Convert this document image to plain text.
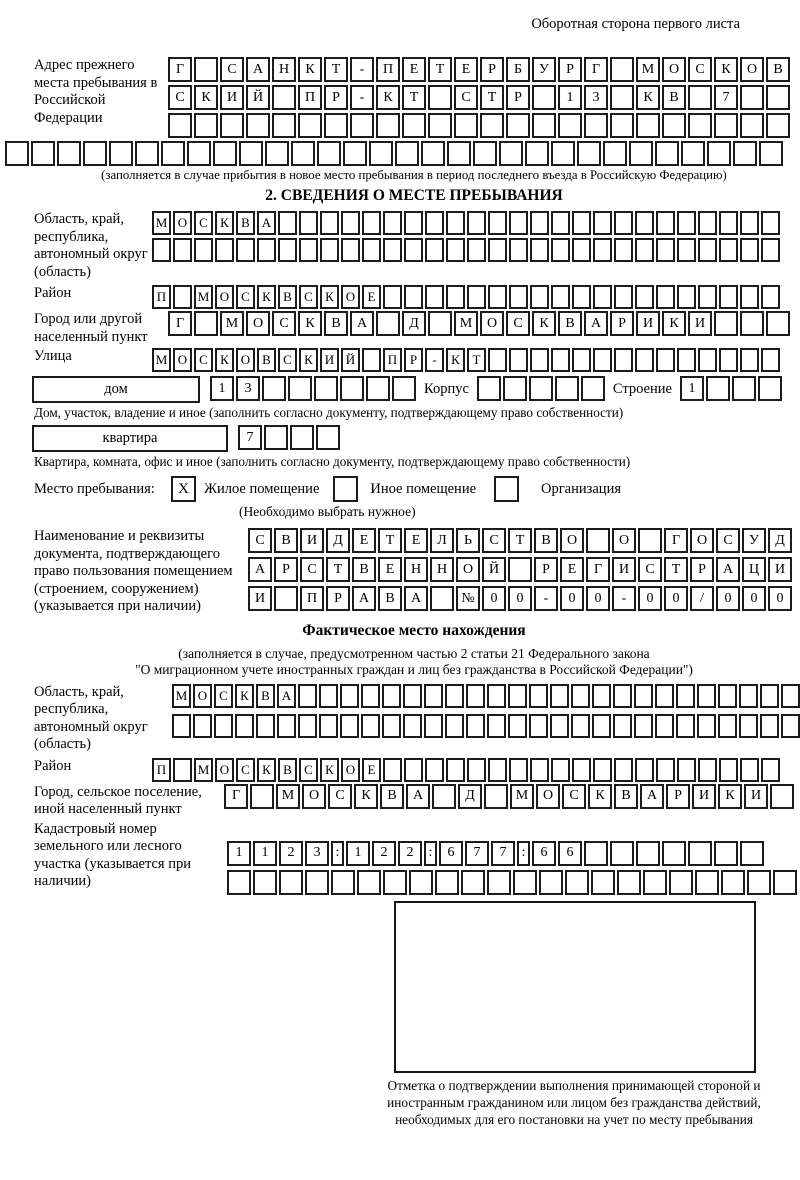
Оборотная сторона первого листа
Адрес прежнего места пребывания в Российской Федерации
Г	С	А	Н	К	Т	-	П	Е	Т	Е	Р	Б	У	Р	Г	М	О	С	К	О	В
С	К	И	Й	П	Р	-	К	Т	С	Т	Р	1	3	К	В	7
(заполняется в случае прибытия в новое место пребывания в период последнего въезда в Российскую Федерацию)
2. СВЕДЕНИЯ О МЕСТЕ ПРЕБЫВАНИЯ
Область, край, республика, автономный округ (область)
М О С К В А
Район	П	М О С К В С К О Е
Город или другой населенный пункт
Г	М	О	С	К	В	А	Д	М	О	С	К	В	А	Р	И	К	И
Улица	М О С К О В С К И Й	П Р	-	К Т
дом	1	3	Корпус	Строение	1
Дом, участок, владение и иное (заполнить согласно документу, подтверждающему право собственности)
квартира	7
Квартира, комната, офис и иное (заполнить согласно документу, подтверждающему право собственности)
Место пребывания:	X	Жилое помещение	Иное помещение	Организация
(Необходимо выбрать нужное)
Наименование и реквизиты документа, подтверждающего право пользования помещением (строением, сооружением) (указывается при наличии)
С	В	И	Д	Е	Т	Е	Л	Ь	С	Т	В	О	О	Г	О	С	У	Д
А	Р	С	Т	В	Е	Н	Н	О	Й	Р	Е	Г	И	С	Т	Р	А	Ц	И
И	П	Р	А	В	А	№	0	0	-	0	0	-	0	0	/	0	0	0
Фактическое место нахождения
(заполняется в случае, предусмотренном частью 2 статьи 21 Федерального закона
"О миграционном учете иностранных граждан и лиц без гражданства в Российской Федерации")
Область, край, республика, автономный округ (область)
М О С К В А
Район	П	М О С К В С К О Е
Город, сельское поселение, иной населенный пункт
Г	М	О	С	К	В	А	Д	М	О	С	К	В	А	Р	И	К	И
Кадастровый номер земельного или лесного участка (указывается при наличии)
1	1	2	3	:	1	2	2	:	6	7	7	:	6	6
Отметка о подтверждении выполнения принимающей стороной и иностранным гражданином или лицом без гражданства действий, необходимых для его постановки на учет по месту пребывания
